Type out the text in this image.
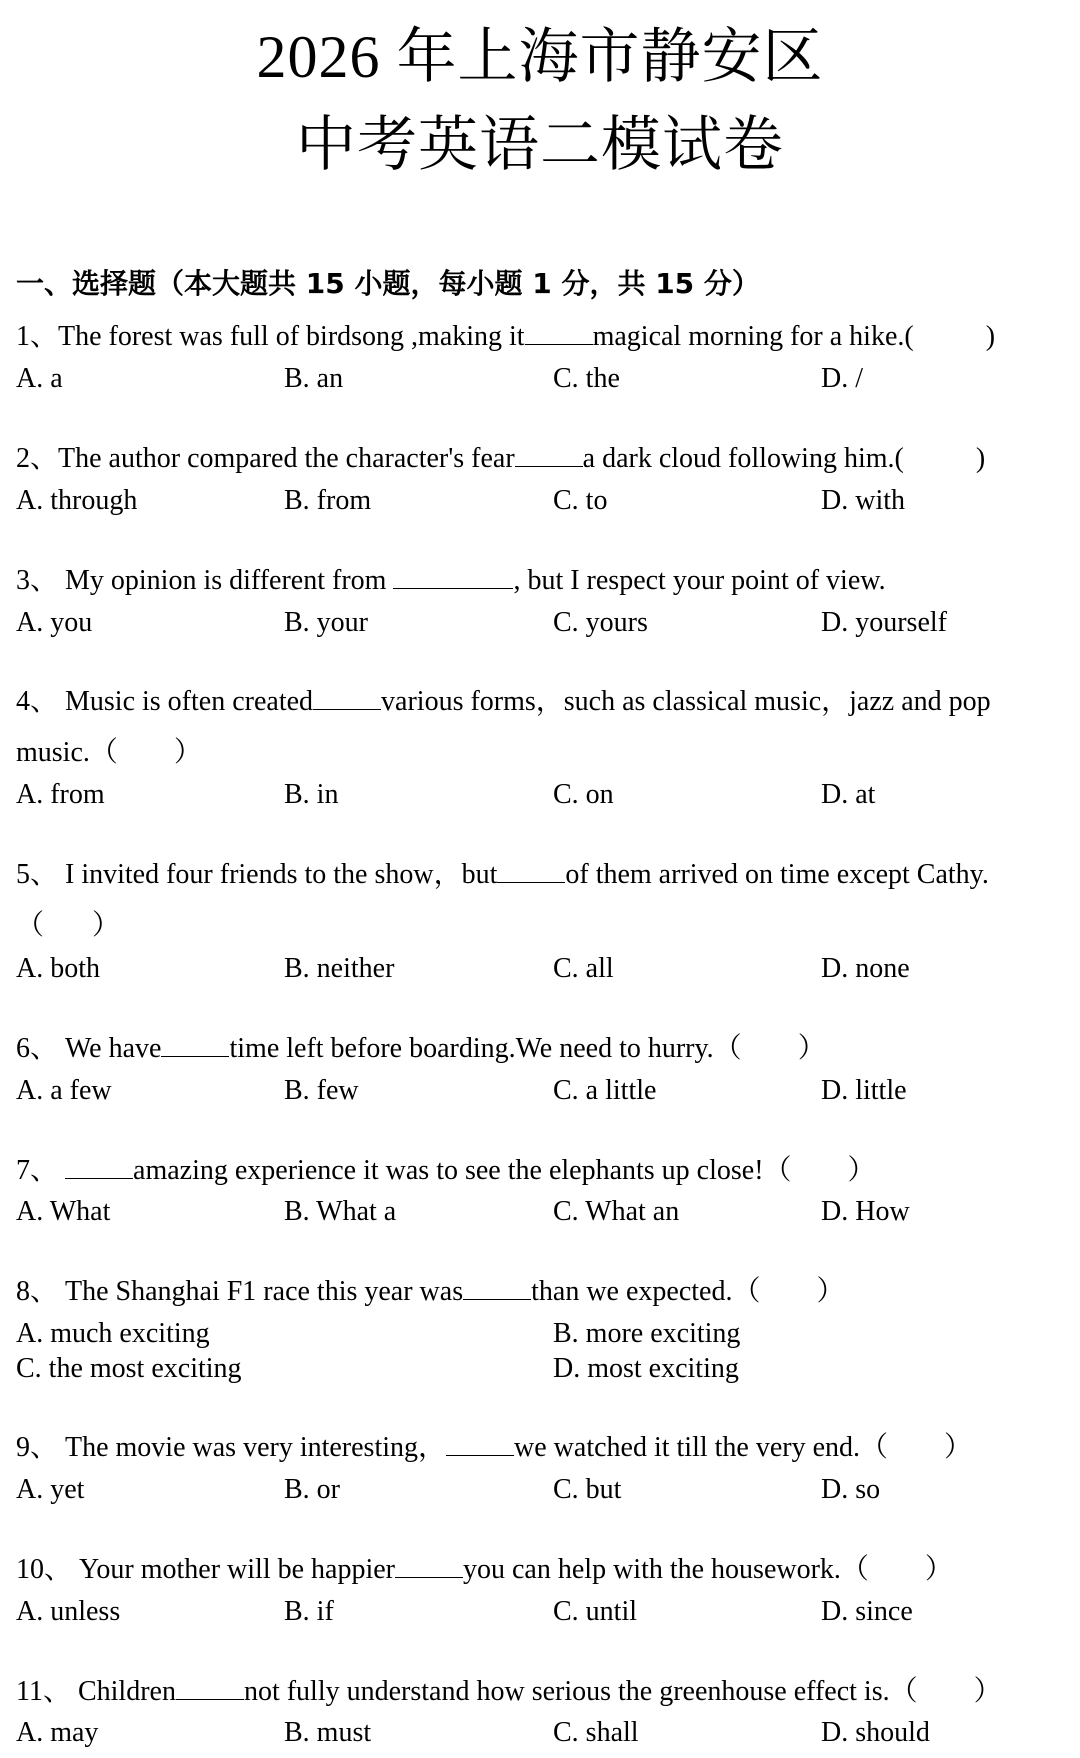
2026 年上海市静安区
中考英语二模试卷
一、选择题（本大题共 15 小题，每小题 1 分，共 15 分）
1、The forest was full of birdsong ,making it magical morning for a hike.(	)
A. a	B. an	C. the	D. /
2、The author compared the character's fear a dark cloud following him.(	)
A. through	B. from	C. to	D. with
3、 My opinion is different from	, but I respect your point of view.
A. you	B. your	C. yours	D. yourself
4、 Music is often created various forms，such as classical music，jazz and pop
music.（ ）
A. from	B. in	C. on	D. at
5、 I invited four friends to the show，but of them arrived on time except Cathy.
（ ）
A. both	B. neither	C. all	D. none
6、 We have time left before boarding.We need to hurry.（ ）
A. a few	B. few	C. a little	D. little
7、 amazing experience it was to see the elephants up close!（ ）
A. What	B. What a	C. What an	D. How
8、 The Shanghai F1 race this year was than we expected.（ ）
A. much exciting	B. more exciting
C. the most exciting	D. most exciting
9、 The movie was very interesting， we watched it till the very end.（ ）
A. yet	B. or	C. but	D. so
10、 Your mother will be happier you can help with the housework.（ ）
A. unless	B. if	C. until	D. since
11、 Children not fully understand how serious the greenhouse effect is.（ ）
A. may	B. must	C. shall	D. should
